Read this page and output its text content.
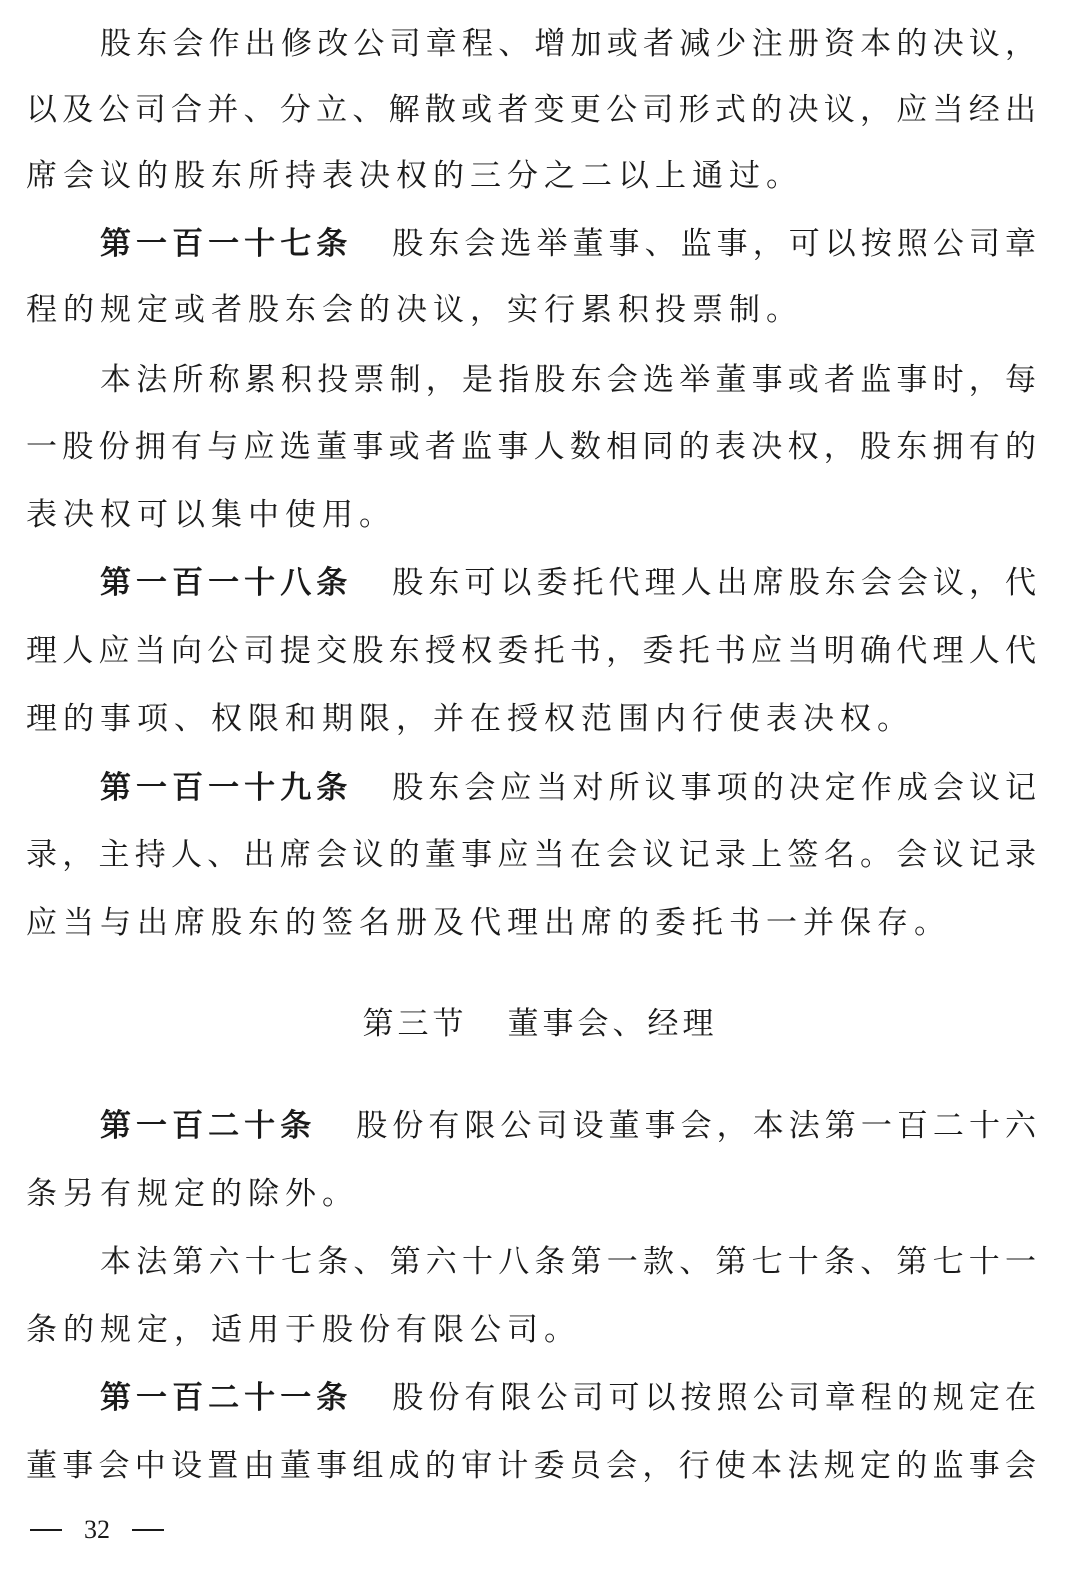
股东会作出修改公司章程、增加或者减少注册资本的决议，
以及公司合并、分立、解散或者变更公司形式的决议，应当经出
席会议的股东所持表决权的三分之二以上通过。
第一百一十七条 股东会选举董事、监事，可以按照公司章
程的规定或者股东会的决议，实行累积投票制。
本法所称累积投票制，是指股东会选举董事或者监事时，每
一股份拥有与应选董事或者监事人数相同的表决权，股东拥有的
表决权可以集中使用。
第一百一十八条 股东可以委托代理人出席股东会会议，代
理人应当向公司提交股东授权委托书，委托书应当明确代理人代
理的事项、权限和期限，并在授权范围内行使表决权。
第一百一十九条 股东会应当对所议事项的决定作成会议记
录，主持人、出席会议的董事应当在会议记录上签名。会议记录
应当与出席股东的签名册及代理出席的委托书一并保存。
第三节 董事会、经理
第一百二十条 股份有限公司设董事会，本法第一百二十六
条另有规定的除外。
本法第六十七条、第六十八条第一款、第七十条、第七十一
条的规定，适用于股份有限公司。
第一百二十一条 股份有限公司可以按照公司章程的规定在
董事会中设置由董事组成的审计委员会，行使本法规定的监事会
32
